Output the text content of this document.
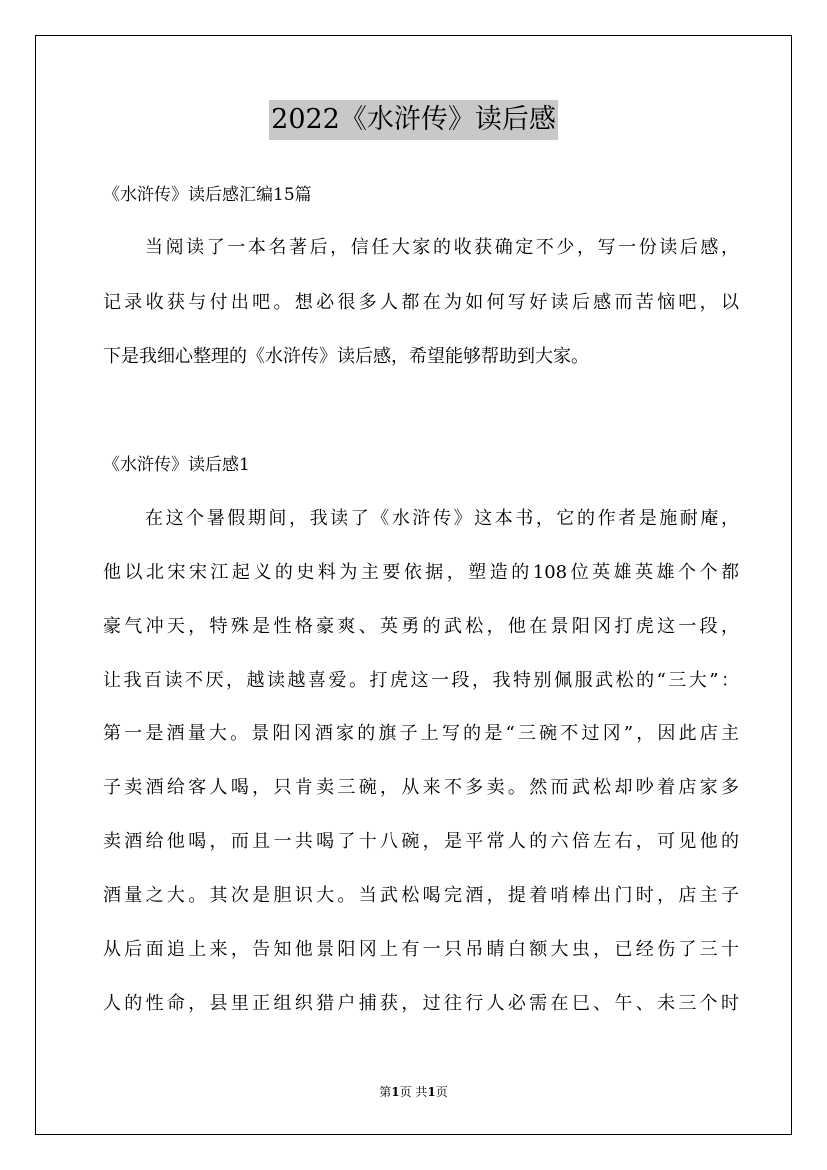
2022《水浒传》读后感
《水浒传》读后感汇编15篇
当阅读了一本名著后，信任大家的收获确定不少，写一份读后感，
记录收获与付出吧。想必很多人都在为如何写好读后感而苦恼吧，以
下是我细心整理的《水浒传》读后感，希望能够帮助到大家。
《水浒传》读后感1
在这个暑假期间，我读了《水浒传》这本书，它的作者是施耐庵，
他以北宋宋江起义的史料为主要依据，塑造的108位英雄英雄个个都
豪气冲天，特殊是性格豪爽、英勇的武松，他在景阳冈打虎这一段，
让我百读不厌，越读越喜爱。打虎这一段，我特别佩服武松的“三大”：
第一是酒量大。景阳冈酒家的旗子上写的是“三碗不过冈”，因此店主
子卖酒给客人喝，只肯卖三碗，从来不多卖。然而武松却吵着店家多
卖酒给他喝，而且一共喝了十八碗，是平常人的六倍左右，可见他的
酒量之大。其次是胆识大。当武松喝完酒，提着哨棒出门时，店主子
从后面追上来，告知他景阳冈上有一只吊睛白额大虫，已经伤了三十
人的性命，县里正组织猎户捕获，过往行人必需在巳、午、未三个时
第1页 共1页
